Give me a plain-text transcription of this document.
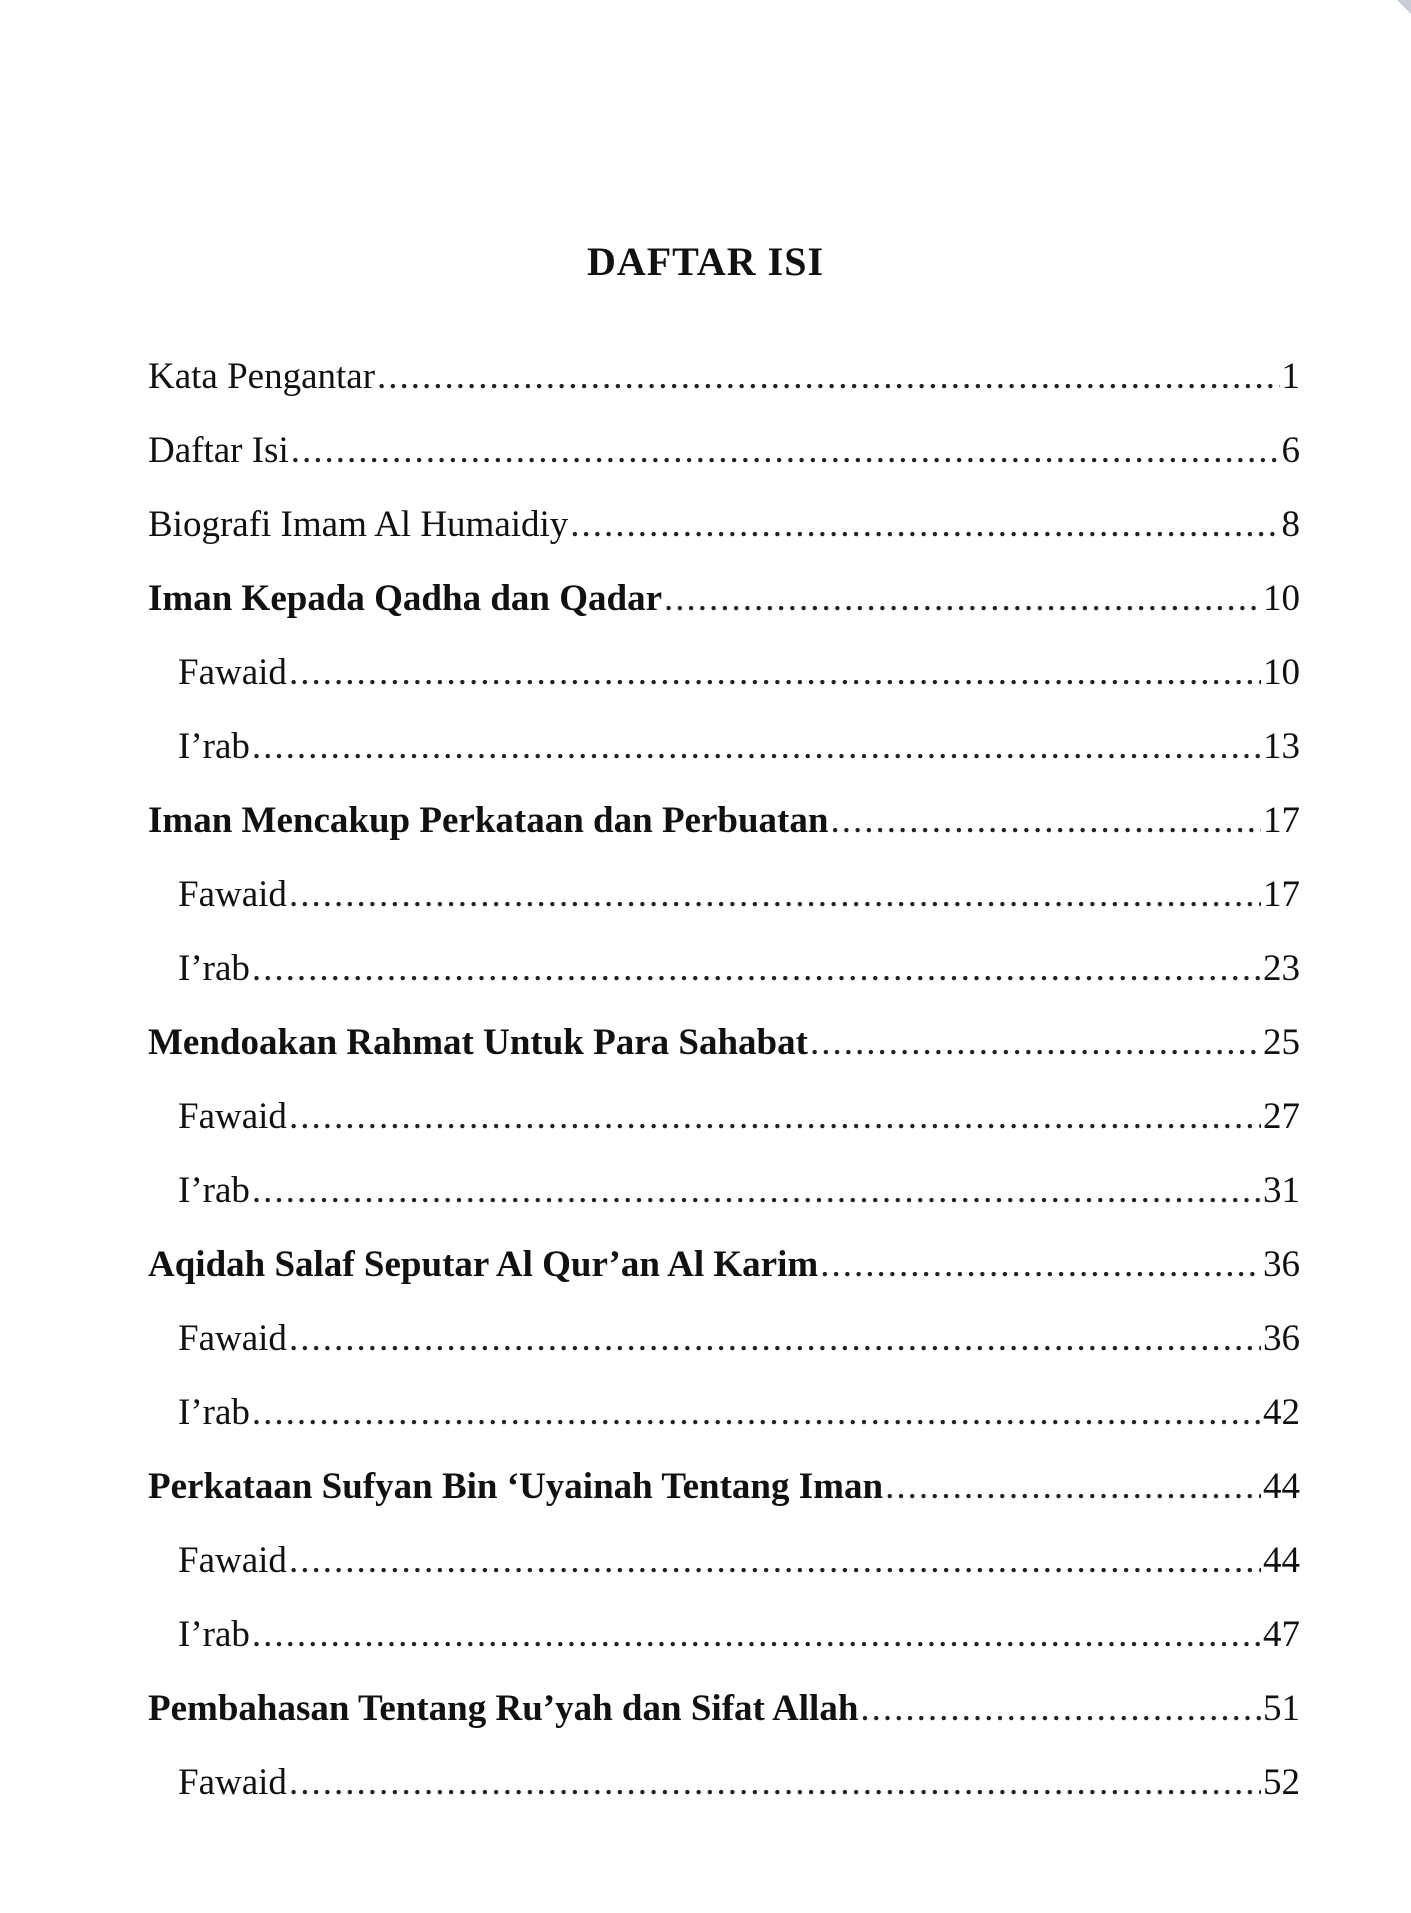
DAFTAR ISI
Kata Pengantar .....	1
Daftar Isi .....	6
Biografi Imam Al Humaidiy .....	8
Iman Kepada Qadha dan Qadar .....	10
Fawaid .....	10
I’rab .....	13
Iman Mencakup Perkataan dan Perbuatan .....	17
Fawaid .....	17
I’rab .....	23
Mendoakan Rahmat Untuk Para Sahabat .....	25
Fawaid .....	27
I’rab .....	31
Aqidah Salaf Seputar Al Qur’an Al Karim .....	36
Fawaid .....	36
I’rab .....	42
Perkataan Sufyan Bin ‘Uyainah Tentang Iman .....	44
Fawaid .....	44
I’rab .....	47
Pembahasan Tentang Ru’yah dan Sifat Allah .....	51
Fawaid .....	52
